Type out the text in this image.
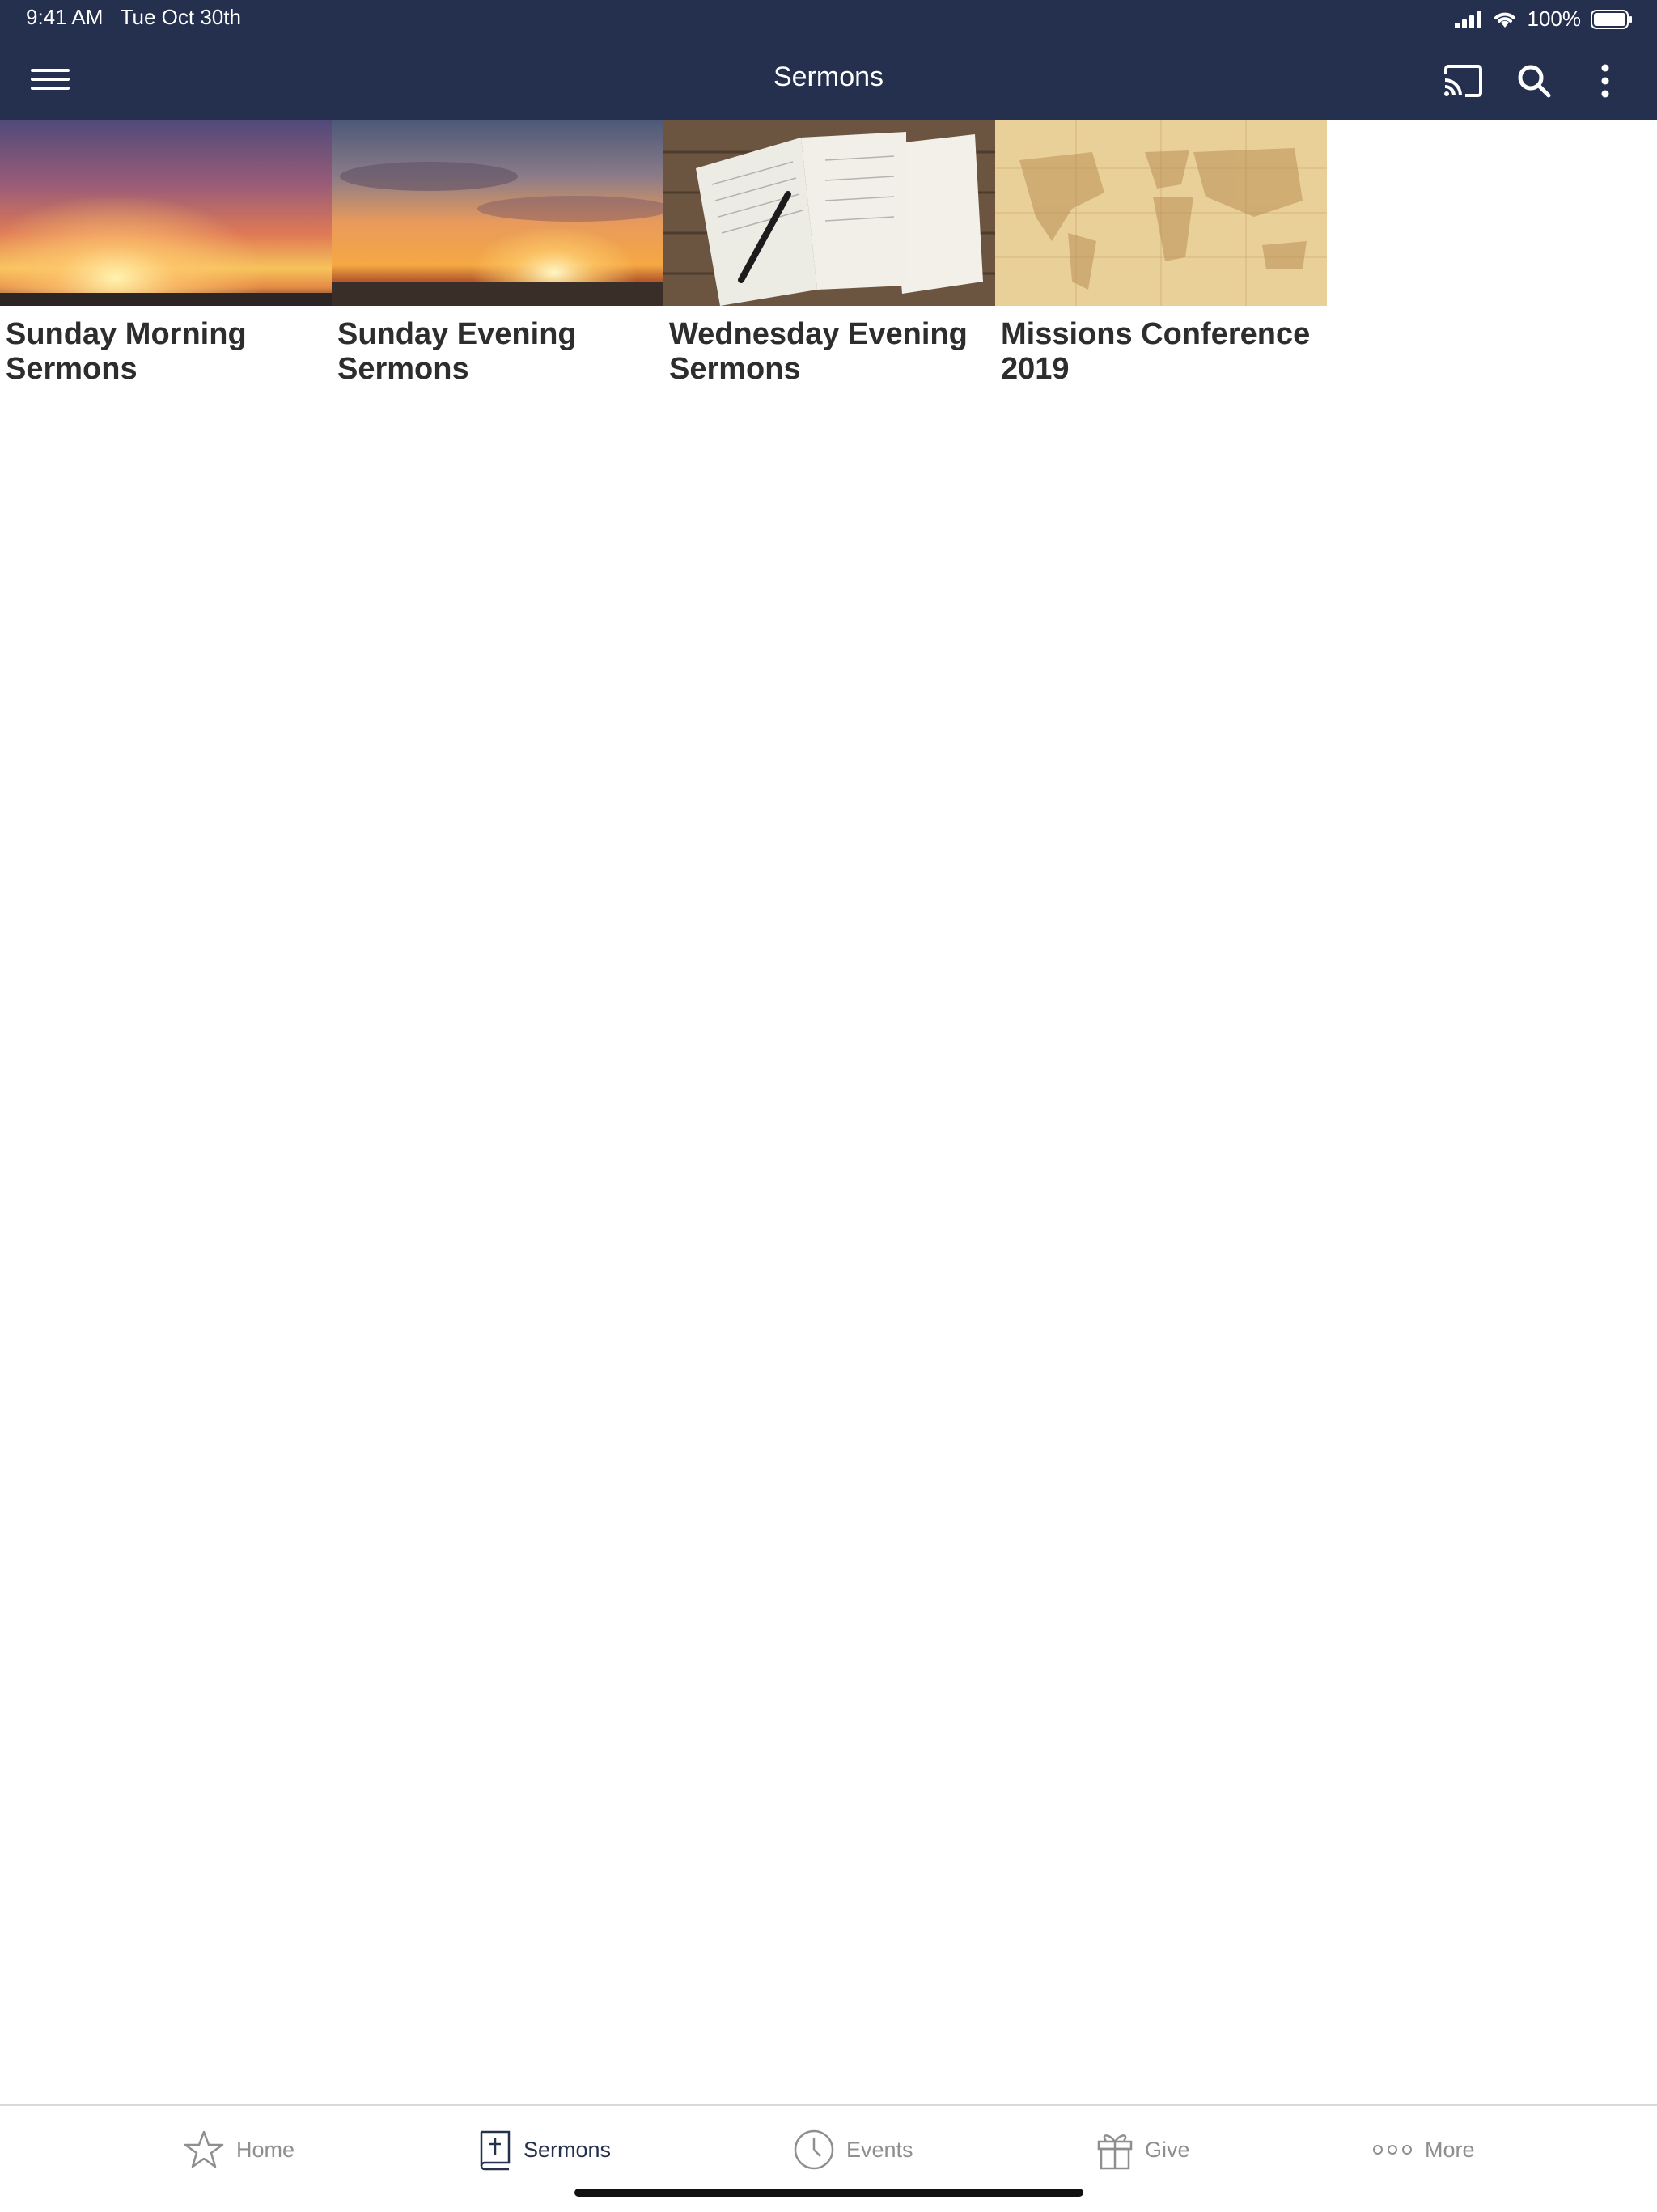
9:41 AM Tue Oct 30th	100%
Sermons
Sunday Morning Sermons
Sunday Evening Sermons
Wednesday Evening Sermons
Missions Conference 2019
Home	Sermons	Events	Give	More
